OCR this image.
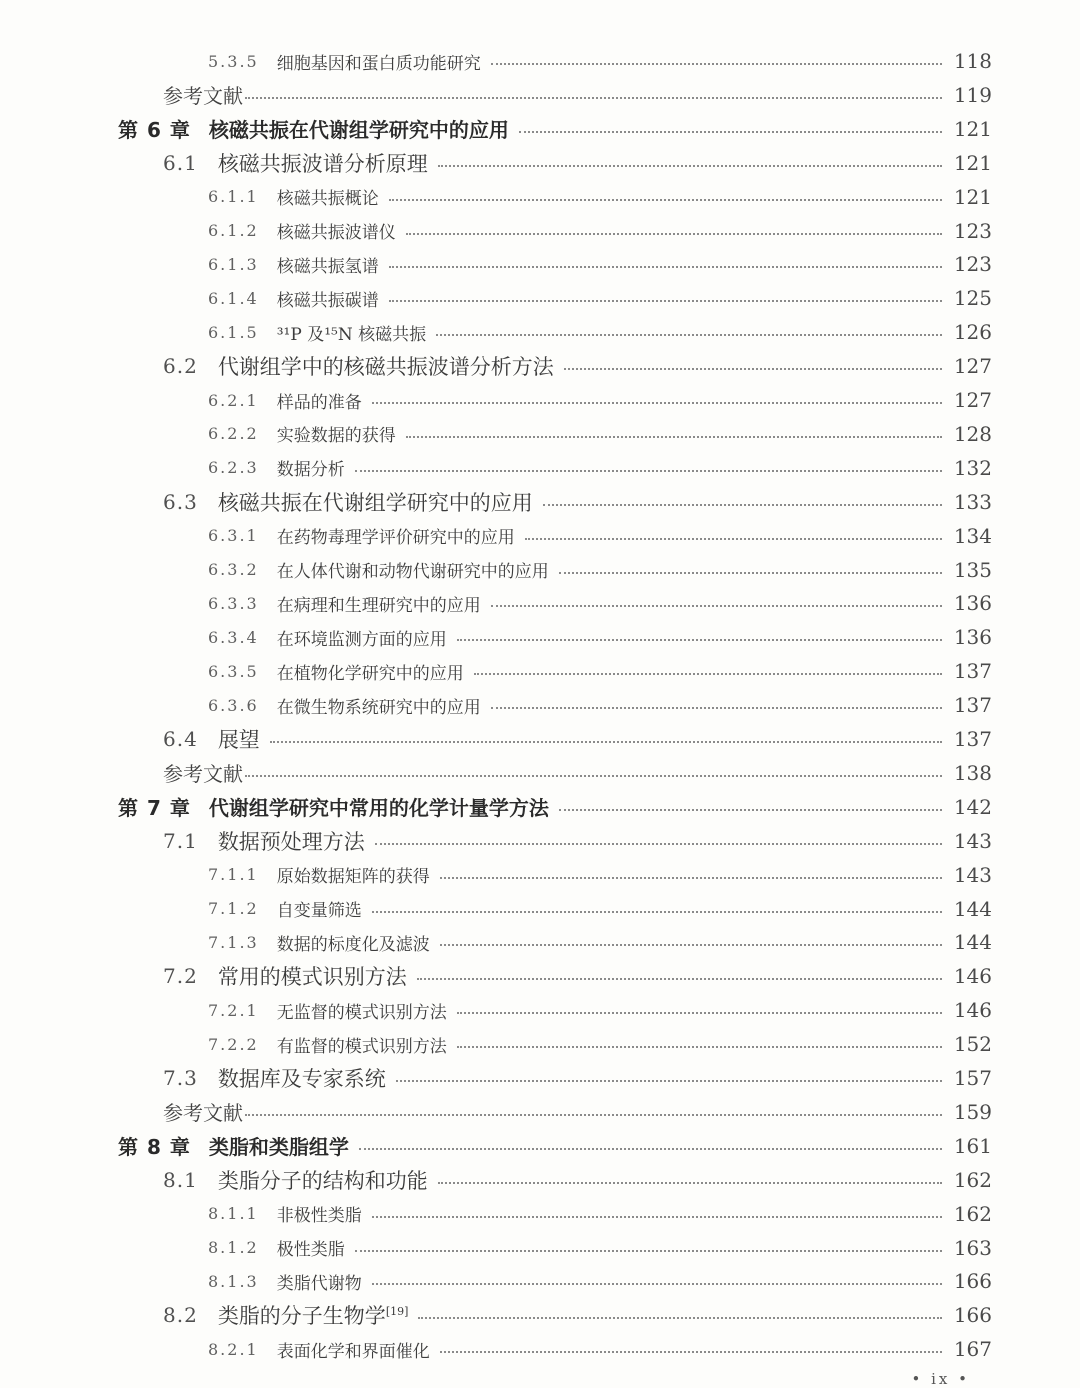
5.3.5 细胞基因和蛋白质功能研究	118
参考文献	119
第 6 章 核磁共振在代谢组学研究中的应用	121
6.1 核磁共振波谱分析原理	121
6.1.1 核磁共振概论	121
6.1.2 核磁共振波谱仪	123
6.1.3 核磁共振氢谱	123
6.1.4 核磁共振碳谱	125
6.1.5 ³¹P 及¹⁵N 核磁共振	126
6.2 代谢组学中的核磁共振波谱分析方法	127
6.2.1 样品的准备	127
6.2.2 实验数据的获得	128
6.2.3 数据分析	132
6.3 核磁共振在代谢组学研究中的应用	133
6.3.1 在药物毒理学评价研究中的应用	134
6.3.2 在人体代谢和动物代谢研究中的应用	135
6.3.3 在病理和生理研究中的应用	136
6.3.4 在环境监测方面的应用	136
6.3.5 在植物化学研究中的应用	137
6.3.6 在微生物系统研究中的应用	137
6.4 展望	137
参考文献	138
第 7 章 代谢组学研究中常用的化学计量学方法	142
7.1 数据预处理方法	143
7.1.1 原始数据矩阵的获得	143
7.1.2 自变量筛选	144
7.1.3 数据的标度化及滤波	144
7.2 常用的模式识别方法	146
7.2.1 无监督的模式识别方法	146
7.2.2 有监督的模式识别方法	152
7.3 数据库及专家系统	157
参考文献	159
第 8 章 类脂和类脂组学	161
8.1 类脂分子的结构和功能	162
8.1.1 非极性类脂	162
8.1.2 极性类脂	163
8.1.3 类脂代谢物	166
8.2 类脂的分子生物学[19]	166
8.2.1 表面化学和界面催化	167
• ix •
